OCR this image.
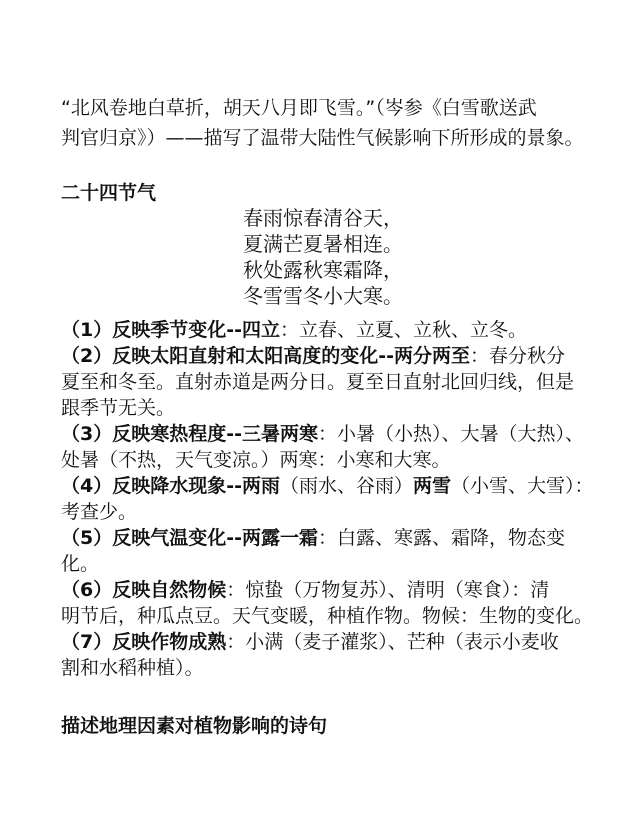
“北风卷地白草折，胡天八月即飞雪。”（岑参《白雪歌送武
判官归京》）——描写了温带大陆性气候影响下所形成的景象。
二十四节气
春雨惊春清谷天，
夏满芒夏暑相连。
秋处露秋寒霜降，
冬雪雪冬小大寒。
（1）反映季节变化--四立：立春、立夏、立秋、立冬。
（2）反映太阳直射和太阳高度的变化--两分两至：春分秋分
夏至和冬至。直射赤道是两分日。夏至日直射北回归线，但是
跟季节无关。
（3）反映寒热程度--三暑两寒：小暑（小热）、大暑（大热）、
处暑（不热，天气变凉。）两寒：小寒和大寒。
（4）反映降水现象--两雨（雨水、谷雨）两雪（小雪、大雪）：
考查少。
（5）反映气温变化--两露一霜：白露、寒露、霜降，物态变
化。
（6）反映自然物候：惊蛰（万物复苏）、清明（寒食）：清
明节后，种瓜点豆。天气变暖，种植作物。物候：生物的变化。
（7）反映作物成熟：小满（麦子灌浆）、芒种（表示小麦收
割和水稻种植）。
描述地理因素对植物影响的诗句
